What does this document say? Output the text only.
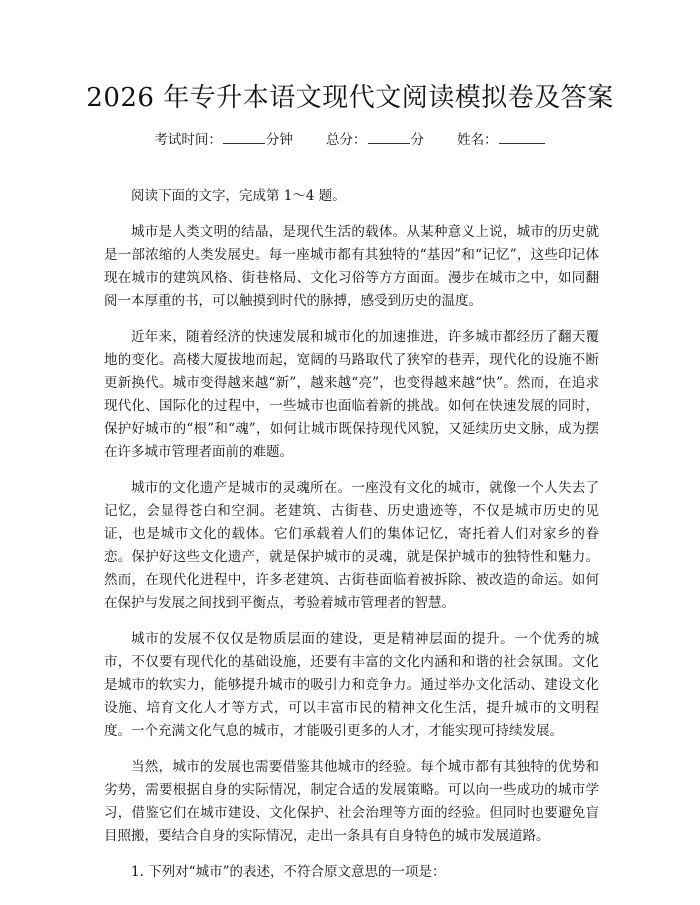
2026 年专升本语文现代文阅读模拟卷及答案
考试时间：	分钟 总分：	分 姓名：

阅读下面的文字，完成第 1～4 题。

城市是人类文明的结晶，是现代生活的载体。从某种意义上说，城市的历史就是一部浓缩的人类发展史。每一座城市都有其独特的“基因”和“记忆”，这些印记体现在城市的建筑风格、街巷格局、文化习俗等方方面面。漫步在城市之中，如同翻阅一本厚重的书，可以触摸到时代的脉搏，感受到历史的温度。

近年来，随着经济的快速发展和城市化的加速推进，许多城市都经历了翻天覆地的变化。高楼大厦拔地而起，宽阔的马路取代了狭窄的巷弄，现代化的设施不断更新换代。城市变得越来越“新”，越来越“亮”，也变得越来越“快”。然而，在追求现代化、国际化的过程中，一些城市也面临着新的挑战。如何在快速发展的同时，保护好城市的“根”和“魂”，如何让城市既保持现代风貌，又延续历史文脉，成为摆在许多城市管理者面前的难题。

城市的文化遗产是城市的灵魂所在。一座没有文化的城市，就像一个人失去了记忆，会显得苍白和空洞。老建筑、古街巷、历史遗迹等，不仅是城市历史的见证，也是城市文化的载体。它们承载着人们的集体记忆，寄托着人们对家乡的眷恋。保护好这些文化遗产，就是保护城市的灵魂，就是保护城市的独特性和魅力。然而，在现代化进程中，许多老建筑、古街巷面临着被拆除、被改造的命运。如何在保护与发展之间找到平衡点，考验着城市管理者的智慧。

城市的发展不仅仅是物质层面的建设，更是精神层面的提升。一个优秀的城市，不仅要有现代化的基础设施，还要有丰富的文化内涵和和谐的社会氛围。文化是城市的软实力，能够提升城市的吸引力和竞争力。通过举办文化活动、建设文化设施、培育文化人才等方式，可以丰富市民的精神文化生活，提升城市的文明程度。一个充满文化气息的城市，才能吸引更多的人才，才能实现可持续发展。

当然，城市的发展也需要借鉴其他城市的经验。每个城市都有其独特的优势和劣势，需要根据自身的实际情况，制定合适的发展策略。可以向一些成功的城市学习，借鉴它们在城市建设、文化保护、社会治理等方面的经验。但同时也要避免盲目照搬，要结合自身的实际情况，走出一条具有自身特色的城市发展道路。

1. 下列对“城市”的表述，不符合原文意思的一项是：
